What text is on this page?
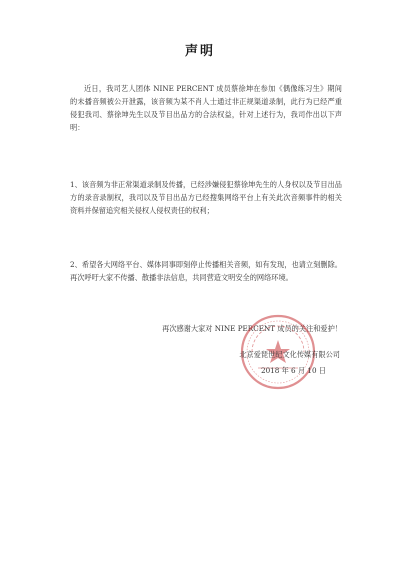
声明
近日，我司艺人团体 NINE PERCENT 成员蔡徐坤在参加《偶像练习生》期间的未播音频被公开泄露，该音频为某不肖人士通过非正规渠道录制，此行为已经严重侵犯我司、蔡徐坤先生以及节目出品方的合法权益，针对上述行为，我司作出以下声明：
1、该音频为非正常渠道录制及传播，已经涉嫌侵犯蔡徐坤先生的人身权以及节目出品方的录音录制权，我司以及节目出品方已经搜集网络平台上有关此次音频事件的相关资料并保留追究相关侵权人侵权责任的权利；
2、希望各大网络平台、媒体同事即刻停止传播相关音频，如有发现，也请立刻删除。再次呼吁大家不传播、散播非法信息，共同营造文明安全的网络环境。
再次感谢大家对 NINE PERCENT 成员的关注和爱护！
北京爱琵世纪文化传媒有限公司
2018 年 6 月 10 日
